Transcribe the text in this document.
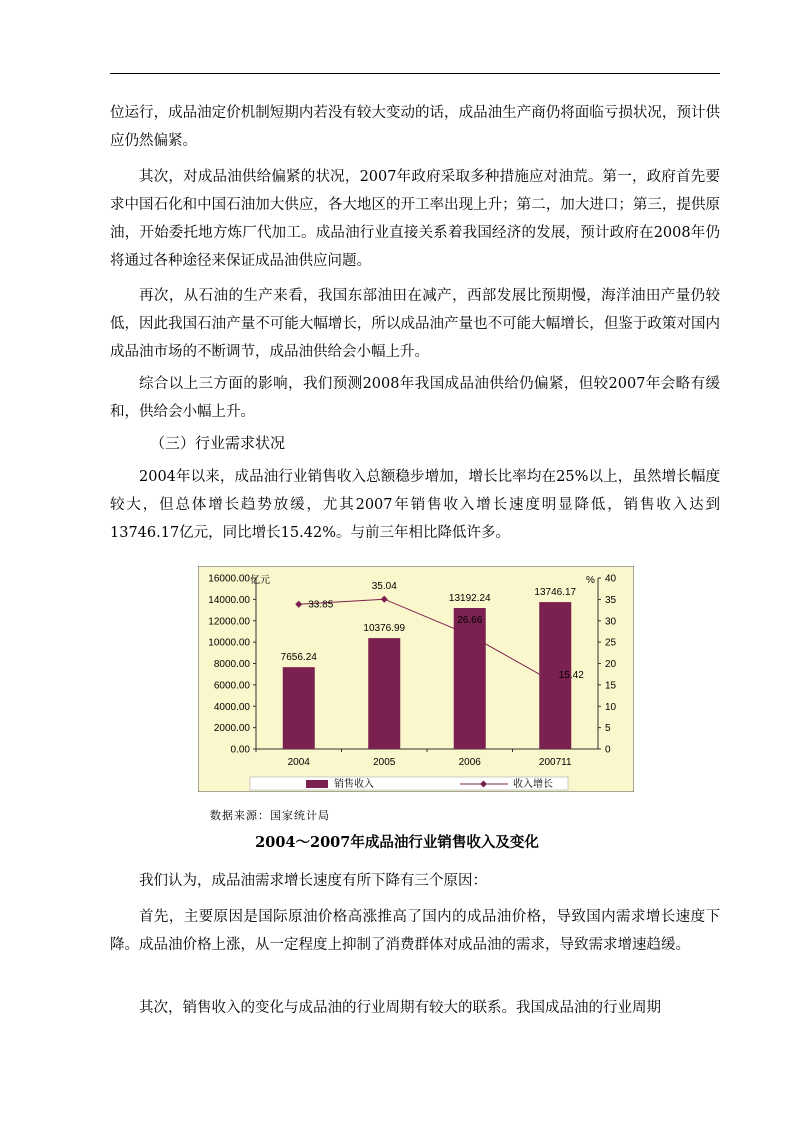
位运行，成品油定价机制短期内若没有较大变动的话，成品油生产商仍将面临亏损状况，预计供应仍然偏紧。

其次，对成品油供给偏紧的状况，2007年政府采取多种措施应对油荒。第一，政府首先要求中国石化和中国石油加大供应，各大地区的开工率出现上升；第二，加大进口；第三，提供原油，开始委托地方炼厂代加工。成品油行业直接关系着我国经济的发展，预计政府在2008年仍将通过各种途径来保证成品油供应问题。

再次，从石油的生产来看，我国东部油田在减产，西部发展比预期慢，海洋油田产量仍较低，因此我国石油产量不可能大幅增长，所以成品油产量也不可能大幅增长，但鉴于政策对国内成品油市场的不断调节，成品油供给会小幅上升。

综合以上三方面的影响，我们预测2008年我国成品油供给仍偏紧，但较2007年会略有缓和，供给会小幅上升。

（三）行业需求状况

2004年以来，成品油行业销售收入总额稳步增加，增长比率均在25%以上，虽然增长幅度较大，但总体增长趋势放缓，尤其2007年销售收入增长速度明显降低，销售收入达到13746.17亿元，同比增长15.42%。与前三年相比降低许多。

0.00
2000.00
4000.00
6000.00
8000.00
10000.00
12000.00
14000.00
16000.00
0
5
10
15
20
25
30
35
40
7656.24
10376.99
13192.24
13746.17
33.85
35.04
26.66
15.42
2004	2005	2006	200711
亿元	%
销售收入	收入增长

数据来源：国家统计局

2004～2007年成品油行业销售收入及变化

我们认为，成品油需求增长速度有所下降有三个原因：

首先，主要原因是国际原油价格高涨推高了国内的成品油价格，导致国内需求增长速度下降。成品油价格上涨，从一定程度上抑制了消费群体对成品油的需求，导致需求增速趋缓。

其次，销售收入的变化与成品油的行业周期有较大的联系。我国成品油的行业周期
